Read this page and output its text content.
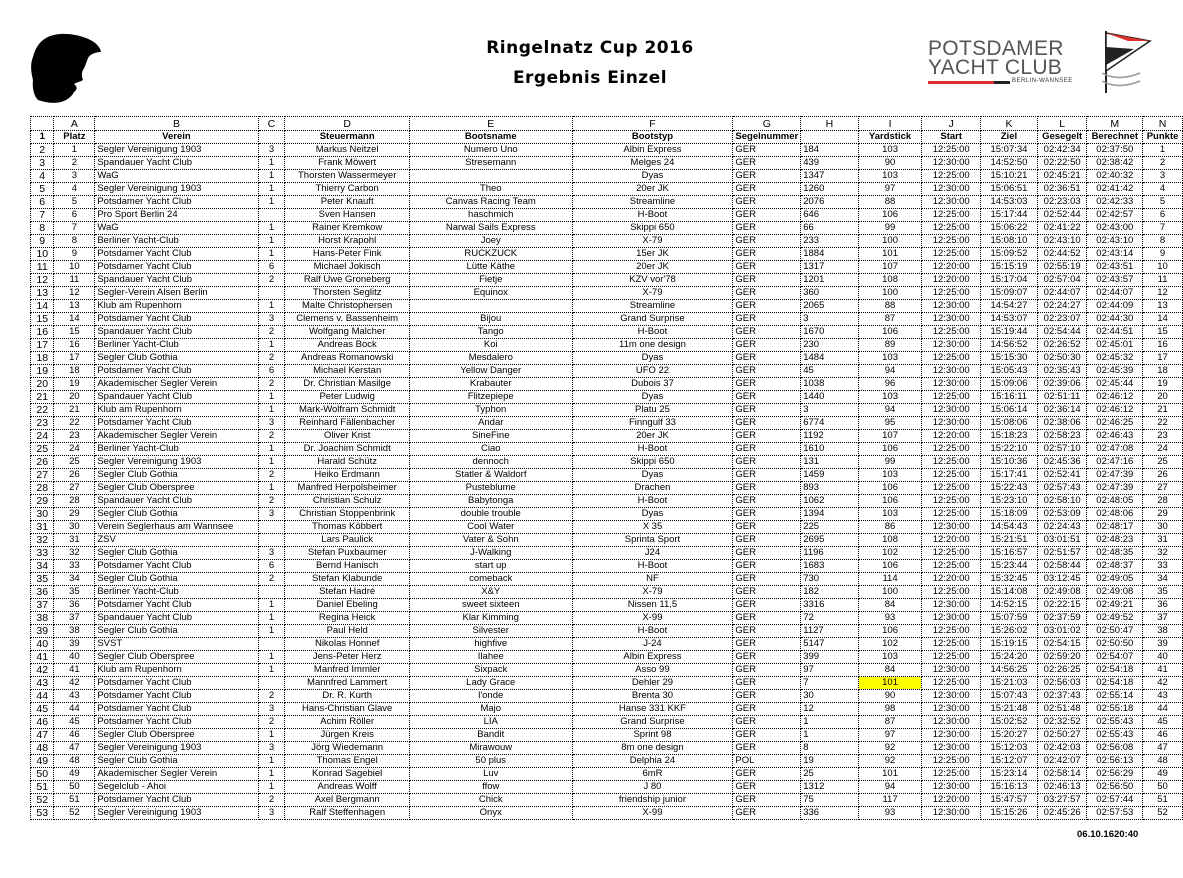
Ringelnatz Cup 2016
Ergebnis Einzel
POTSDAMER
YACHT CLUB
BERLIN-WANNSEE
	A	B	C	D	E	F	G	H	I	J	K	L	M	N
1	Platz	Verein		Steuermann	Bootsname	Bootstyp	Segelnummer		Yardstick	Start	Ziel	Gesegelt	Berechnet	Punkte
2	1	Segler Vereinigung 1903	3	Markus Neitzel	Numero Uno	Albin Express	GER	184	103	12:25:00	15:07:34	02:42:34	02:37:50	1
3	2	Spandauer Yacht Club	1	Frank Möwert	Stresemann	Melges 24	GER	439	90	12:30:00	14:52:50	02:22:50	02:38:42	2
4	3	WaG	1	Thorsten Wassermeyer		Dyas	GER	1347	103	12:25:00	15:10:21	02:45:21	02:40:32	3
5	4	Segler Vereinigung 1903	1	Thierry Carbon	Theo	20er JK	GER	1260	97	12:30:00	15:06:51	02:36:51	02:41:42	4
6	5	Potsdamer Yacht Club	1	Peter Knauft	Canvas Racing Team	Streamline	GER	2076	88	12:30:00	14:53:03	02:23:03	02:42:33	5
7	6	Pro Sport Berlin 24		Sven Hansen	haschmich	H-Boot	GER	646	106	12:25:00	15:17:44	02:52:44	02:42:57	6
8	7	WaG	1	Rainer Kremkow	Narwal Sails Express	Skippi 650	GER	66	99	12:25:00	15:06:22	02:41:22	02:43:00	7
9	8	Berliner Yacht-Club	1	Horst Krapohl	Joey	X-79	GER	233	100	12:25:00	15:08:10	02:43:10	02:43:10	8
10	9	Potsdamer Yacht Club	1	Hans-Peter Fink	RUCKZUCK	15er JK	GER	1884	101	12:25:00	15:09:52	02:44:52	02:43:14	9
11	10	Potsdamer Yacht Club	6	Michael Jokisch	Lütte Käthe	20er JK	GER	1317	107	12:20:00	15:15:19	02:55:19	02:43:51	10
12	11	Spandauer Yacht Club	2	Ralf Uwe Groneberg	Fietje	KZV vor'78	GER	1201	108	12:20:00	15:17:04	02:57:04	02:43:57	11
13	12	Segler-Verein Alsen Berlin		Thorsten Seglitz	Equinox	X-79	GER	360	100	12:25:00	15:09:07	02:44:07	02:44:07	12
14	13	Klub am Rupenhorn	1	Malte Christophersen		Streamline	GER	2065	88	12:30:00	14:54:27	02:24:27	02:44:09	13
15	14	Potsdamer Yacht Club	3	Clemens v. Bassenheim	Bijou	Grand Surprise	GER	3	87	12:30:00	14:53:07	02:23:07	02:44:30	14
16	15	Spandauer Yacht Club	2	Wolfgang Malcher	Tango	H-Boot	GER	1670	106	12:25:00	15:19:44	02:54:44	02:44:51	15
17	16	Berliner Yacht-Club	1	Andreas Bock	Koi	11m one design	GER	230	89	12:30:00	14:56:52	02:26:52	02:45:01	16
18	17	Segler Club Gothia	2	Andreas Romanowski	Mesdalero	Dyas	GER	1484	103	12:25:00	15:15:30	02:50:30	02:45:32	17
19	18	Potsdamer Yacht Club	6	Michael Kerstan	Yellow Danger	UFO 22	GER	45	94	12:30:00	15:05:43	02:35:43	02:45:39	18
20	19	Akademischer Segler Verein	2	Dr. Christian Masilge	Krabauter	Dubois 37	GER	1038	96	12:30:00	15:09:06	02:39:06	02:45:44	19
21	20	Spandauer Yacht Club	1	Peter Ludwig	Flitzepiepe	Dyas	GER	1440	103	12:25:00	15:16:11	02:51:11	02:46:12	20
22	21	Klub am Rupenhorn	1	Mark-Wolfram Schmidt	Typhon	Platu 25	GER	3	94	12:30:00	15:06:14	02:36:14	02:46:12	21
23	22	Potsdamer Yacht Club	3	Reinhard Fällenbacher	Andar	Finngulf 33	GER	6774	95	12:30:00	15:08:06	02:38:06	02:46:25	22
24	23	Akademischer Segler Verein	2	Oliver Krist	SineFine	20er JK	GER	1192	107	12:20:00	15:18:23	02:58:23	02:46:43	23
25	24	Berliner Yacht-Club	1	Dr. Joachim Schmidt	Ciao	H-Boot	GER	1610	106	12:25:00	15:22:10	02:57:10	02:47:08	24
26	25	Segler Vereinigung 1903	1	Harald Schütz	dennoch	Skippi 650	GER	131	99	12:25:00	15:10:36	02:45:36	02:47:16	25
27	26	Segler Club Gothia	2	Heiko Erdmann	Statler & Waldorf	Dyas	GER	1459	103	12:25:00	15:17:41	02:52:41	02:47:39	26
28	27	Segler Club Oberspree	1	Manfred Herpolsheimer	Pusteblume	Drachen	GER	893	106	12:25:00	15:22:43	02:57:43	02:47:39	27
29	28	Spandauer Yacht Club	2	Christian Schulz	Babytonga	H-Boot	GER	1062	106	12:25:00	15:23:10	02:58:10	02:48:05	28
30	29	Segler Club Gothia	3	Christian Stoppenbrink	double trouble	Dyas	GER	1394	103	12:25:00	15:18:09	02:53:09	02:48:06	29
31	30	Verein Seglerhaus am Wannsee		Thomas Köbbert	Cool Water	X 35	GER	225	86	12:30:00	14:54:43	02:24:43	02:48:17	30
32	31	ZSV		Lars Paulick	Vater & Sohn	Sprinta Sport	GER	2695	108	12:20:00	15:21:51	03:01:51	02:48:23	31
33	32	Segler Club Gothia	3	Stefan Puxbaumer	J-Walking	J24	GER	1196	102	12:25:00	15:16:57	02:51:57	02:48:35	32
34	33	Potsdamer Yacht Club	6	Bernd Hanisch	start up	H-Boot	GER	1683	106	12:25:00	15:23:44	02:58:44	02:48:37	33
35	34	Segler Club Gothia	2	Stefan Klabunde	comeback	NF	GER	730	114	12:20:00	15:32:45	03:12:45	02:49:05	34
36	35	Berliner Yacht-Club		Stefan Hadré	X&Y	X-79	GER	182	100	12:25:00	15:14:08	02:49:08	02:49:08	35
37	36	Potsdamer Yacht Club	1	Daniel Ebeling	sweet sixteen	Nissen 11,5	GER	3316	84	12:30:00	14:52:15	02:22:15	02:49:21	36
38	37	Spandauer Yacht Club	1	Regina Heick	Klar Kimming	X-99	GER	72	93	12:30:00	15:07:59	02:37:59	02:49:52	37
39	38	Segler Club Gothia	1	Paul Held	Silvester	H-Boot	GER	1127	106	12:25:00	15:26:02	03:01:02	02:50:47	38
40	39	SVST		Nikolas Honnef	highfive	J-24	GER	5147	102	12:25:00	15:19:15	02:54:15	02:50:50	39
41	40	Segler Club Oberspree	1	Jens-Peter Herz	Ilahee	Albin Express	GER	399	103	12:25:00	15:24:20	02:59:20	02:54:07	40
42	41	Klub am Rupenhorn	1	Manfred Immler	Sixpack	Asso 99	GER	97	84	12:30:00	14:56:25	02:26:25	02:54:18	41
43	42	Potsdamer Yacht Club		Mannfred Lammert	Lady Grace	Dehler 29	GER	7	101	12:25:00	15:21:03	02:56:03	02:54:18	42
44	43	Potsdamer Yacht Club	2	Dr. R. Kurth	l'onde	Brenta 30	GER	30	90	12:30:00	15:07:43	02:37:43	02:55:14	43
45	44	Potsdamer Yacht Club	3	Hans-Christian Glave	Majo	Hanse 331 KKF	GER	12	98	12:30:00	15:21:48	02:51:48	02:55:18	44
46	45	Potsdamer Yacht Club	2	Achim Röller	LIA	Grand Surprise	GER	1	87	12:30:00	15:02:52	02:32:52	02:55:43	45
47	46	Segler Club Oberspree	1	Jürgen Kreis	Bandit	Sprint 98	GER	1	97	12:30:00	15:20:27	02:50:27	02:55:43	46
48	47	Segler Vereinigung 1903	3	Jörg Wiedemann	Mirawouw	8m one design	GER	8	92	12:30:00	15:12:03	02:42:03	02:56:08	47
49	48	Segler Club Gothia	1	Thomas Engel	50 plus	Delphia 24	POL	19	92	12:25:00	15:12:07	02:42:07	02:56:13	48
50	49	Akademischer Segler Verein	1	Konrad Sagebiel	Luv	6mR	GER	25	101	12:25:00	15:23:14	02:58:14	02:56:29	49
51	50	Segelclub - Ahoi	1	Andreas Wolff	ffow	J 80	GER	1312	94	12:30:00	15:16:13	02:46:13	02:56:50	50
52	51	Potsdamer Yacht Club	2	Axel Bergmann	Chick	friendship junior	GER	75	117	12:20:00	15:47:57	03:27:57	02:57:44	51
53	52	Segler Vereinigung 1903	3	Ralf Steffenhagen	Onyx	X-99	GER	336	93	12:30:00	15:15:26	02:45:26	02:57:53	52
06.10.1620:40
